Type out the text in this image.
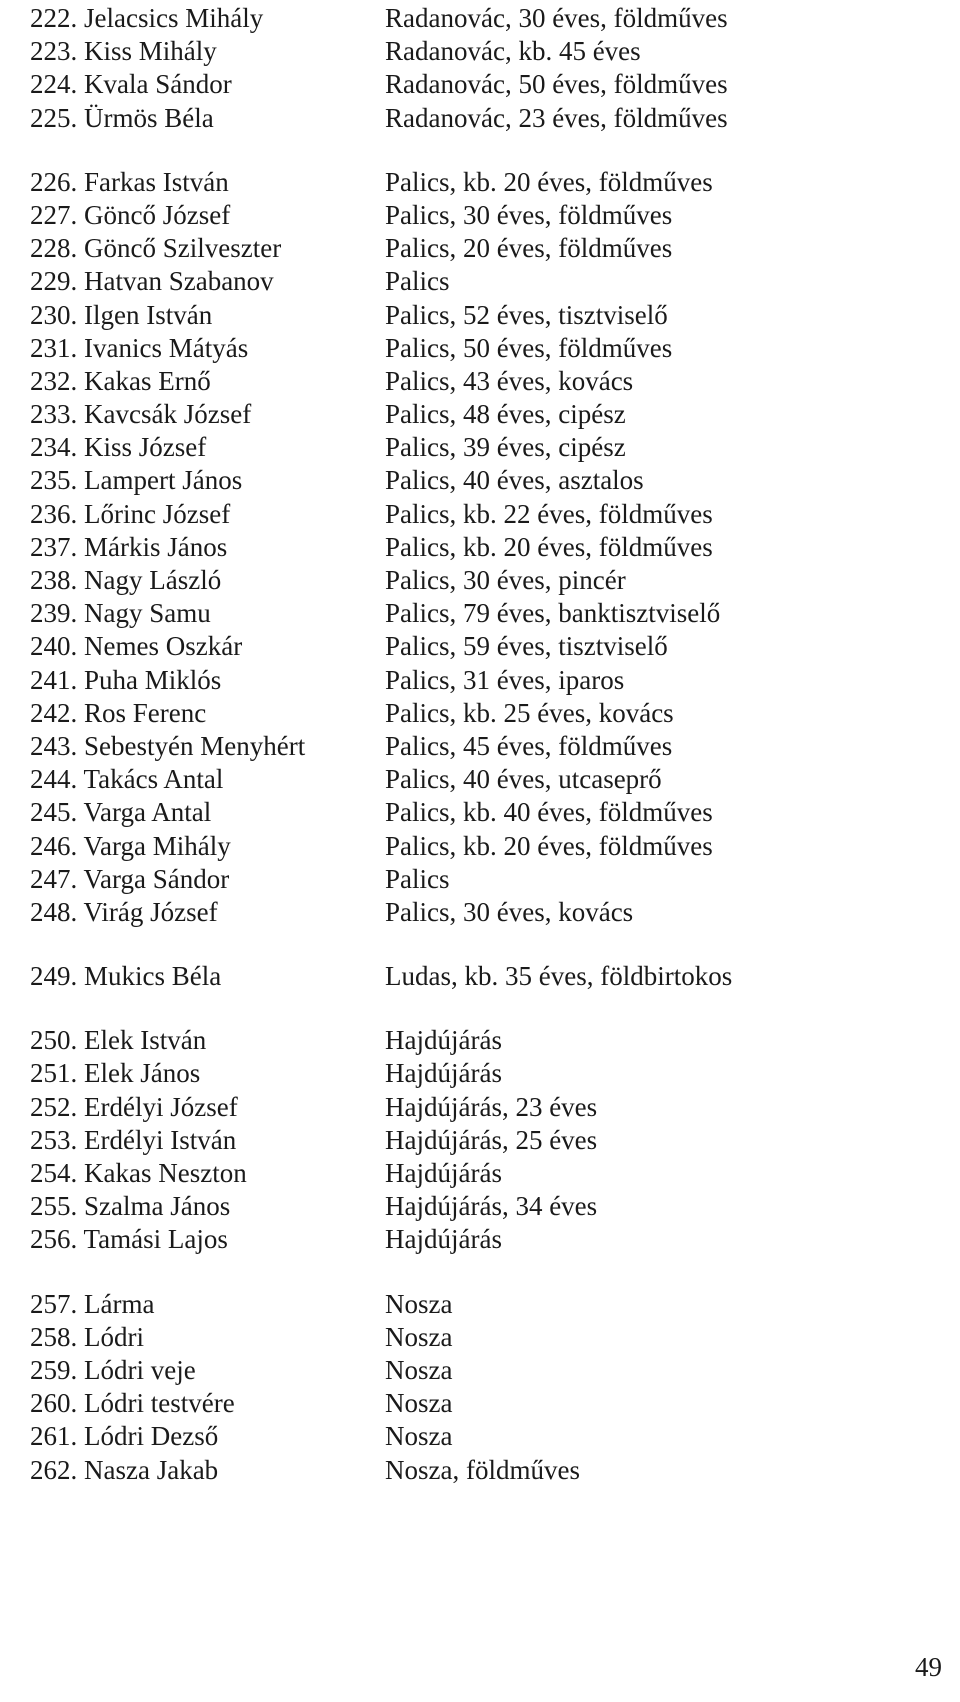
222. Jelacsics Mihály	Radanovác, 30 éves, földműves
223. Kiss Mihály	Radanovác, kb. 45 éves
224. Kvala Sándor	Radanovác, 50 éves, földműves
225. Ürmös Béla	Radanovác, 23 éves, földműves
226. Farkas István	Palics, kb. 20 éves, földműves
227. Göncő József	Palics, 30 éves, földműves
228. Göncő Szilveszter	Palics, 20 éves, földműves
229. Hatvan Szabanov	Palics
230. Ilgen István	Palics, 52 éves, tisztviselő
231. Ivanics Mátyás	Palics, 50 éves, földműves
232. Kakas Ernő	Palics, 43 éves, kovács
233. Kavcsák József	Palics, 48 éves, cipész
234. Kiss József	Palics, 39 éves, cipész
235. Lampert János	Palics, 40 éves, asztalos
236. Lőrinc József	Palics, kb. 22 éves, földműves
237. Márkis János	Palics, kb. 20 éves, földműves
238. Nagy László	Palics, 30 éves, pincér
239. Nagy Samu	Palics, 79 éves, banktisztviselő
240. Nemes Oszkár	Palics, 59 éves, tisztviselő
241. Puha Miklós	Palics, 31 éves, iparos
242. Ros Ferenc	Palics, kb. 25 éves, kovács
243. Sebestyén Menyhért	Palics, 45 éves, földműves
244. Takács Antal	Palics, 40 éves, utcaseprő
245. Varga Antal	Palics, kb. 40 éves, földműves
246. Varga Mihály	Palics, kb. 20 éves, földműves
247. Varga Sándor	Palics
248. Virág József	Palics, 30 éves, kovács
249. Mukics Béla	Ludas, kb. 35 éves, földbirtokos
250. Elek István	Hajdújárás
251. Elek János	Hajdújárás
252. Erdélyi József	Hajdújárás, 23 éves
253. Erdélyi István	Hajdújárás, 25 éves
254. Kakas Neszton	Hajdújárás
255. Szalma János	Hajdújárás, 34 éves
256. Tamási Lajos	Hajdújárás
257. Lárma	Nosza
258. Lódri	Nosza
259. Lódri veje	Nosza
260. Lódri testvére	Nosza
261. Lódri Dezső	Nosza
262. Nasza Jakab	Nosza, földműves
49
